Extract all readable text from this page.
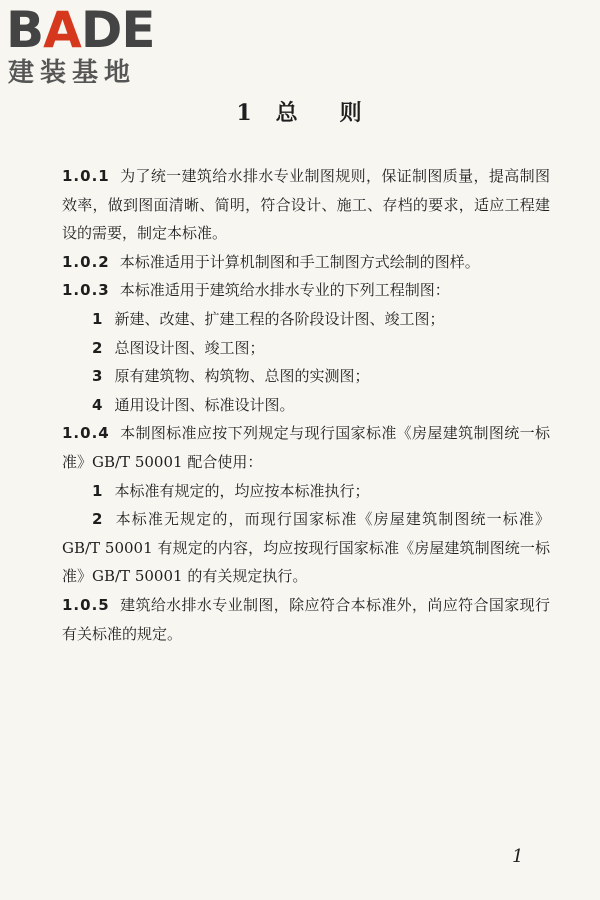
BADE
建装基地
1 总 则

1.0.1 为了统一建筑给水排水专业制图规则，保证制图质量，提高制图效率，做到图面清晰、简明，符合设计、施工、存档的要求，适应工程建设的需要，制定本标准。

1.0.2 本标准适用于计算机制图和手工制图方式绘制的图样。

1.0.3 本标准适用于建筑给水排水专业的下列工程制图：

1 新建、改建、扩建工程的各阶段设计图、竣工图；

2 总图设计图、竣工图；

3 原有建筑物、构筑物、总图的实测图；

4 通用设计图、标准设计图。

1.0.4 本制图标准应按下列规定与现行国家标准《房屋建筑制图统一标准》GB/T 50001 配合使用：

1 本标准有规定的，均应按本标准执行；

2 本标准无规定的，而现行国家标准《房屋建筑制图统一标准》GB/T 50001 有规定的内容，均应按现行国家标准《房屋建筑制图统一标准》GB/T 50001 的有关规定执行。

1.0.5 建筑给水排水专业制图，除应符合本标准外，尚应符合国家现行有关标准的规定。

1
